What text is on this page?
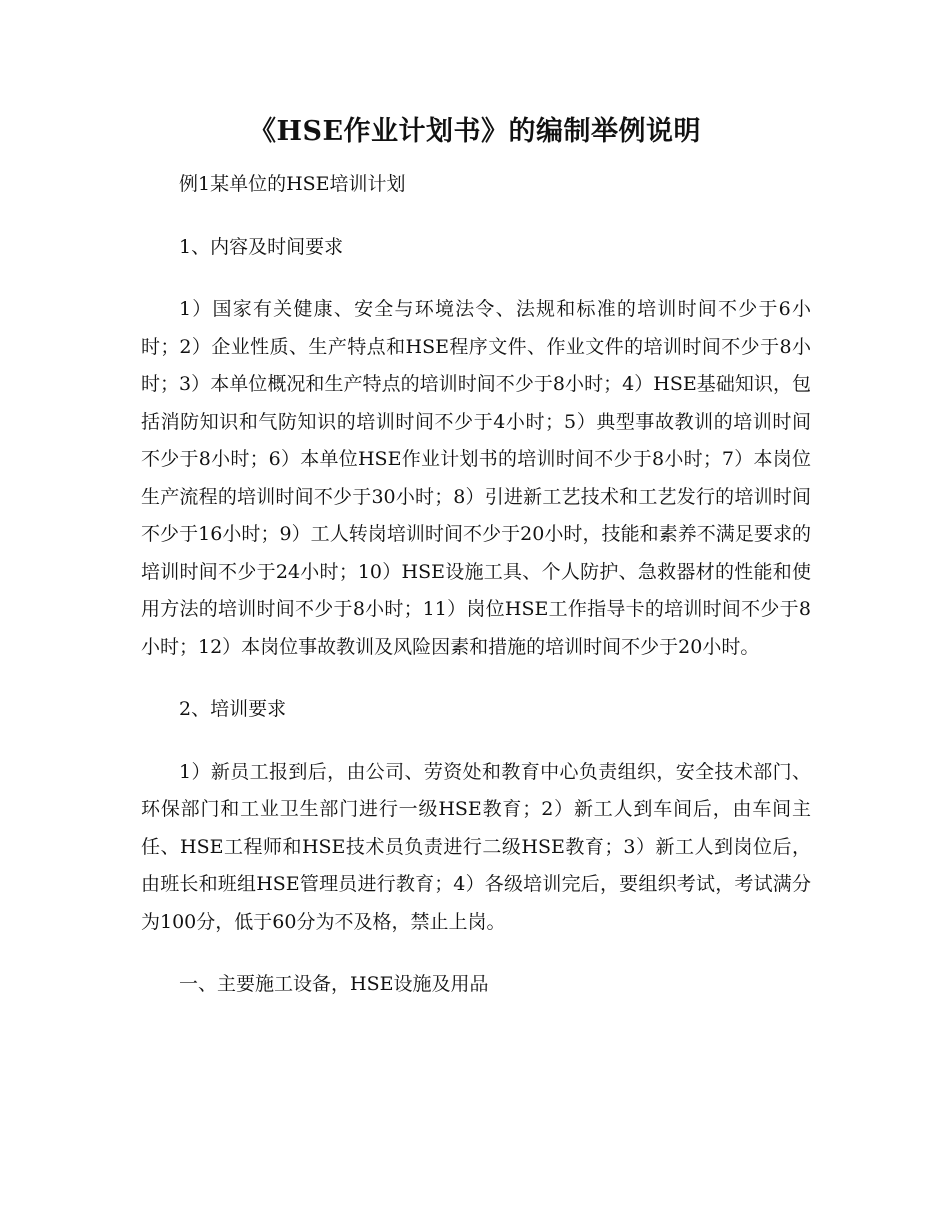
《HSE作业计划书》的编制举例说明

例1某单位的HSE培训计划

1、内容及时间要求

1）国家有关健康、安全与环境法令、法规和标准的培训时间不少于6小时；2）企业性质、生产特点和HSE程序文件、作业文件的培训时间不少于8小时；3）本单位概况和生产特点的培训时间不少于8小时；4）HSE基础知识，包括消防知识和气防知识的培训时间不少于4小时；5）典型事故教训的培训时间不少于8小时；6）本单位HSE作业计划书的培训时间不少于8小时；7）本岗位生产流程的培训时间不少于30小时；8）引进新工艺技术和工艺发行的培训时间不少于16小时；9）工人转岗培训时间不少于20小时，技能和素养不满足要求的培训时间不少于24小时；10）HSE设施工具、个人防护、急救器材的性能和使用方法的培训时间不少于8小时；11）岗位HSE工作指导卡的培训时间不少于8小时；12）本岗位事故教训及风险因素和措施的培训时间不少于20小时。

2、培训要求

1）新员工报到后，由公司、劳资处和教育中心负责组织，安全技术部门、环保部门和工业卫生部门进行一级HSE教育；2）新工人到车间后，由车间主任、HSE工程师和HSE技术员负责进行二级HSE教育；3）新工人到岗位后，由班长和班组HSE管理员进行教育；4）各级培训完后，要组织考试，考试满分为100分，低于60分为不及格，禁止上岗。

一、主要施工设备，HSE设施及用品
